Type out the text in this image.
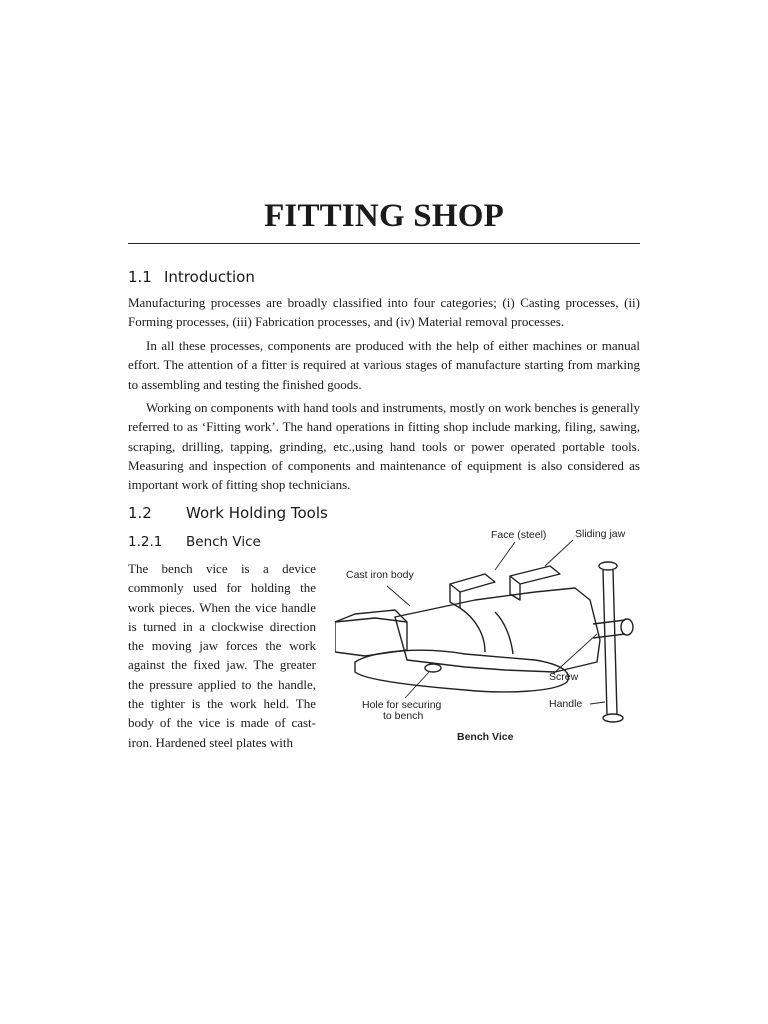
FITTING SHOP
1.1 Introduction

Manufacturing processes are broadly classified into four categories; (i) Casting processes, (ii) Forming processes, (iii) Fabrication processes, and (iv) Material removal processes.

In all these processes, components are produced with the help of either machines or manual effort. The attention of a fitter is required at various stages of manufacture starting from marking to assembling and testing the finished goods.

Working on components with hand tools and instruments, mostly on work benches is generally referred to as ‘Fitting work’. The hand operations in fitting shop include marking, filing, sawing, scraping, drilling, tapping, grinding, etc.,using hand tools or power operated portable tools. Measuring and inspection of components and maintenance of equipment is also considered as important work of fitting shop technicians.

1.2 Work Holding Tools
1.2.1 Bench Vice

The bench vice is a device commonly used for holding the work pieces. When the vice handle is turned in a clockwise direction the moving jaw forces the work against the fixed jaw. The greater the pressure applied to the handle, the tighter is the work held. The body of the vice is made of cast-iron. Hardened steel plates with

Face (steel)	Sliding jaw
Cast iron body
Screw
Handle
Hole for securing
to bench
Bench Vice
